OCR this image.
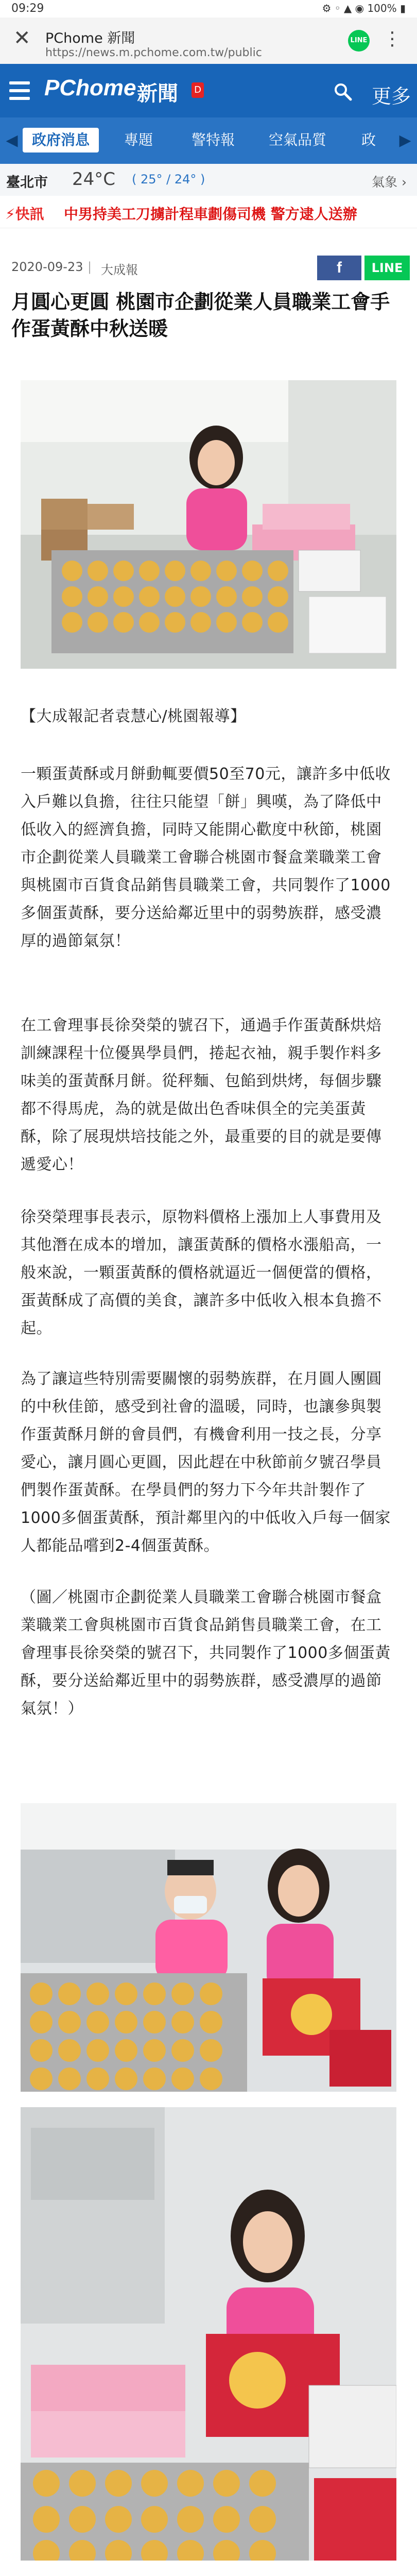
09:29	⚙ ◦ ▲ ◉ 100% ▮
✕ PChome 新聞
https://news.m.pchome.com.tw/public
LINE ⋮
PChome 新聞 D	更多
◀ 政府消息	專題	警特報	空氣品質	政	▶
臺北市 24°C ( 25° / 24° )	氣象 ›
⚡快訊 中男持美工刀擄計程車劃傷司機 警方逮人送辦
2020-09-23 | 大成報	f	LINE
月圓心更圓 桃園市企劃從業人員職業工會手作蛋黃酥中秋送暖
【大成報記者袁慧心/桃園報導】
一顆蛋黃酥或月餅動輒要價50至70元，讓許多中低收入戶難以負擔，往往只能望「餅」興嘆，為了降低中低收入的經濟負擔，同時又能開心歡度中秋節，桃園市企劃從業人員職業工會聯合桃園市餐盒業職業工會與桃園市百貨食品銷售員職業工會，共同製作了1000多個蛋黃酥，要分送給鄰近里中的弱勢族群，感受濃厚的過節氣氛！
在工會理事長徐癸榮的號召下，通過手作蛋黃酥烘焙訓練課程十位優異學員們，捲起衣袖，親手製作料多味美的蛋黃酥月餅。從秤麵、包餡到烘烤，每個步驟都不得馬虎，為的就是做出色香味俱全的完美蛋黃酥，除了展現烘培技能之外，最重要的目的就是要傳遞愛心！
徐癸榮理事長表示，原物料價格上漲加上人事費用及其他潛在成本的增加，讓蛋黃酥的價格水漲船高，一般來說，一顆蛋黃酥的價格就逼近一個便當的價格，蛋黃酥成了高價的美食，讓許多中低收入根本負擔不起。
為了讓這些特別需要關懷的弱勢族群，在月圓人團圓的中秋佳節，感受到社會的溫暖，同時，也讓參與製作蛋黃酥月餅的會員們，有機會利用一技之長，分享愛心，讓月圓心更圓，因此趕在中秋節前夕號召學員們製作蛋黃酥。在學員們的努力下今年共計製作了1000多個蛋黃酥，預計鄰里內的中低收入戶每一個家人都能品嚐到2-4個蛋黃酥。
（圖／桃園市企劃從業人員職業工會聯合桃園市餐盒業職業工會與桃園市百貨食品銷售員職業工會，在工會理事長徐癸榮的號召下，共同製作了1000多個蛋黃酥，要分送給鄰近里中的弱勢族群，感受濃厚的過節氣氛！）
